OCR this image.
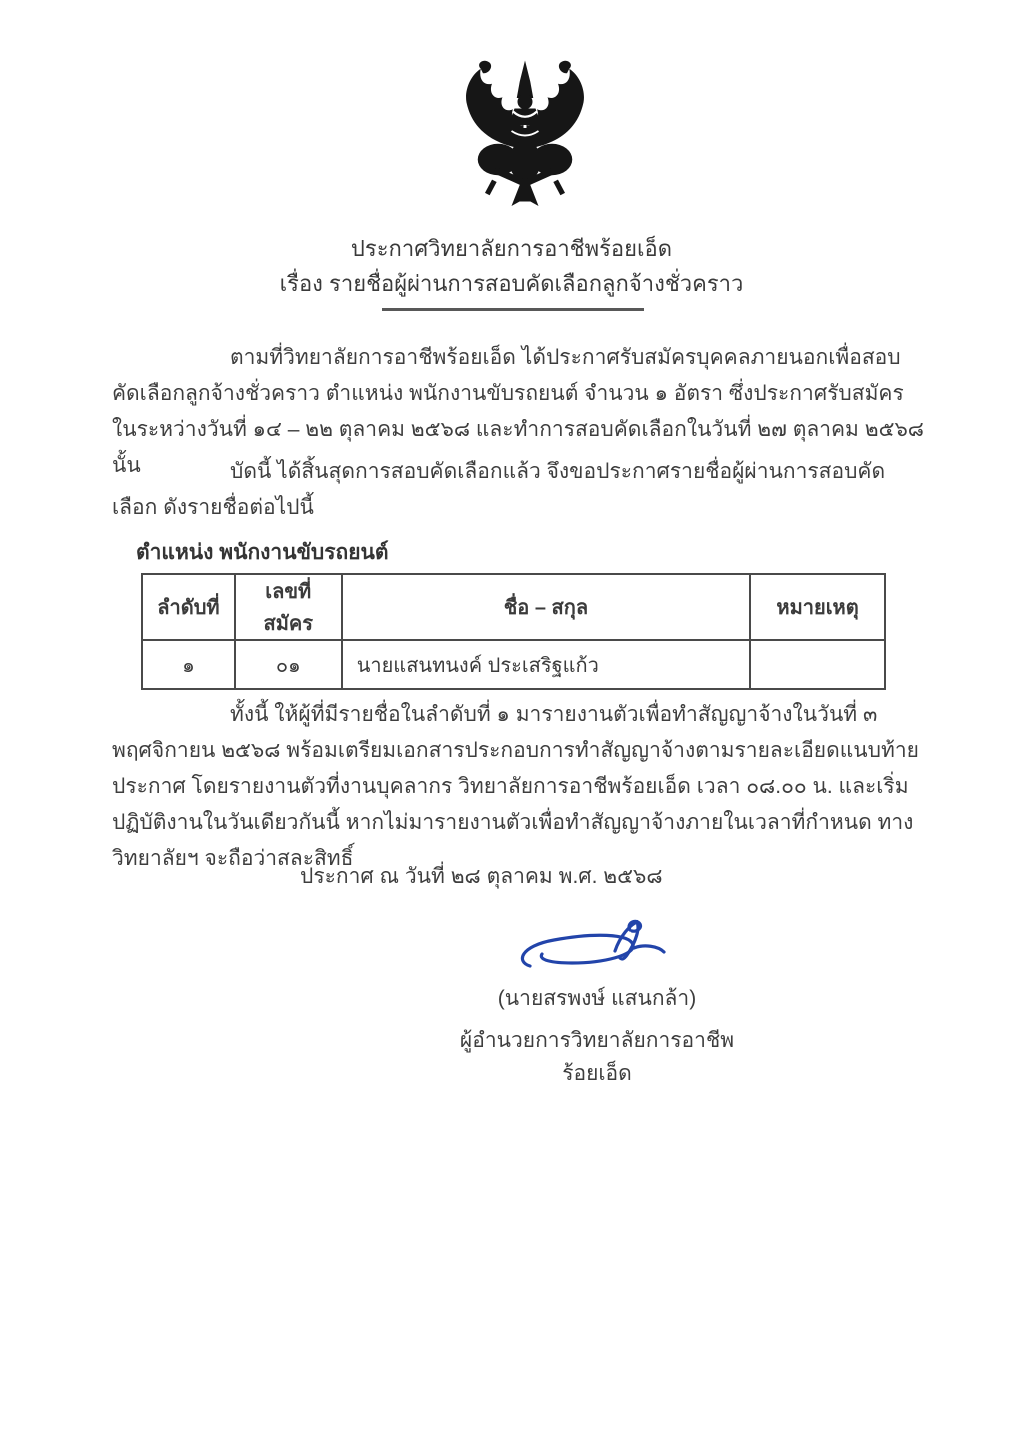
ประกาศวิทยาลัยการอาชีพร้อยเอ็ด
เรื่อง รายชื่อผู้ผ่านการสอบคัดเลือกลูกจ้างชั่วคราว

ตามที่วิทยาลัยการอาชีพร้อยเอ็ด ได้ประกาศรับสมัครบุคคลภายนอกเพื่อสอบคัดเลือกลูกจ้างชั่วคราว ตำแหน่ง พนักงานขับรถยนต์ จำนวน ๑ อัตรา ซึ่งประกาศรับสมัครในระหว่างวันที่ ๑๔ – ๒๒ ตุลาคม ๒๕๖๘ และทำการสอบคัดเลือกในวันที่ ๒๗ ตุลาคม ๒๕๖๘ นั้น	บัดนี้ ได้สิ้นสุดการสอบคัดเลือกแล้ว จึงขอประกาศรายชื่อผู้ผ่านการสอบคัดเลือก ดังรายชื่อต่อไปนี้

ตำแหน่ง พนักงานขับรถยนต์
ลำดับที่	เลขที่สมัคร	ชื่อ – สกุล	หมายเหตุ
๑	๐๑	นายแสนทนงค์ ประเสริฐแก้ว	

ทั้งนี้ ให้ผู้ที่มีรายชื่อในลำดับที่ ๑ มารายงานตัวเพื่อทำสัญญาจ้างในวันที่ ๓ พฤศจิกายน ๒๕๖๘ พร้อมเตรียมเอกสารประกอบการทำสัญญาจ้างตามรายละเอียดแนบท้ายประกาศ โดยรายงานตัวที่งานบุคลากร วิทยาลัยการอาชีพร้อยเอ็ด เวลา ๐๘.๐๐ น. และเริ่มปฏิบัติงานในวันเดียวกันนี้ หากไม่มารายงานตัวเพื่อทำสัญญาจ้างภายในเวลาที่กำหนด ทางวิทยาลัยฯ จะถือว่าสละสิทธิ์

ประกาศ ณ วันที่ ๒๘ ตุลาคม พ.ศ. ๒๕๖๘
(นายสรพงษ์ แสนกล้า)
ผู้อำนวยการวิทยาลัยการอาชีพร้อยเอ็ด
